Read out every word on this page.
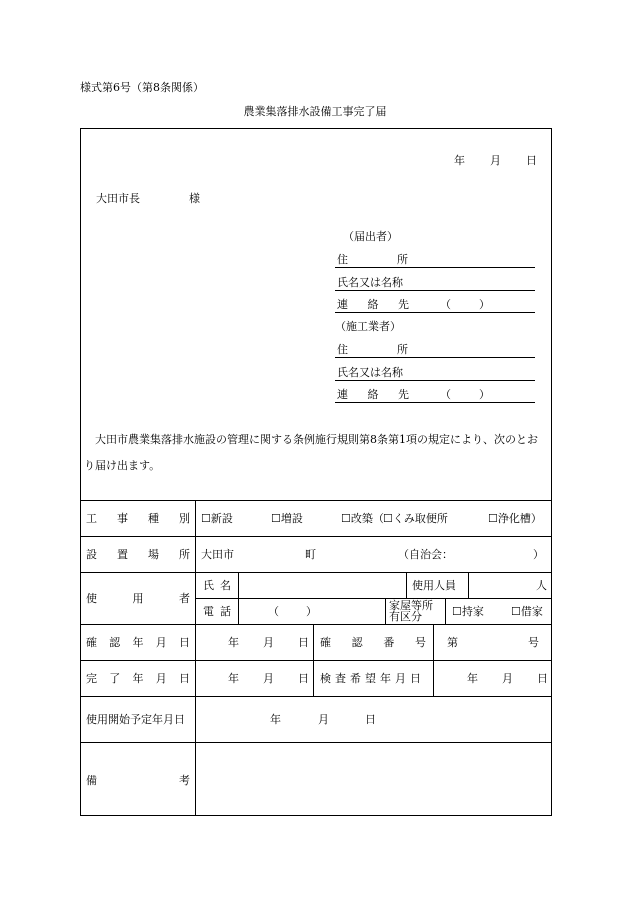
様式第6号（第8条関係）
農業集落排水設備工事完了届
年 月 日
大田市長	様
（届出者）
住	所
氏名又は名称
連 絡 先	（	）
（施工業者）
住	所
氏名又は名称
連 絡 先	（	）
　大田市農業集落排水施設の管理に関する条例施行規則第8条第1項の規定により、次のとおり届け出ます。
工 事 種 別 ☐新設	☐増設	☐改築（ ☐くみ取便所	☐浄化槽）
設 置 場 所 大田市	町	（自治会：	）
使	用	者
氏 名	使用人員	人
電 話	（ ）	家屋等所
有区分	☐持家 ☐借家
確 認 年 月 日	年 月 日 確 認 番 号 第	号
完 了 年 月 日	年 月 日 検査希望年月日	年 月 日
使用開始予定年月日	年	月	日
備	考
